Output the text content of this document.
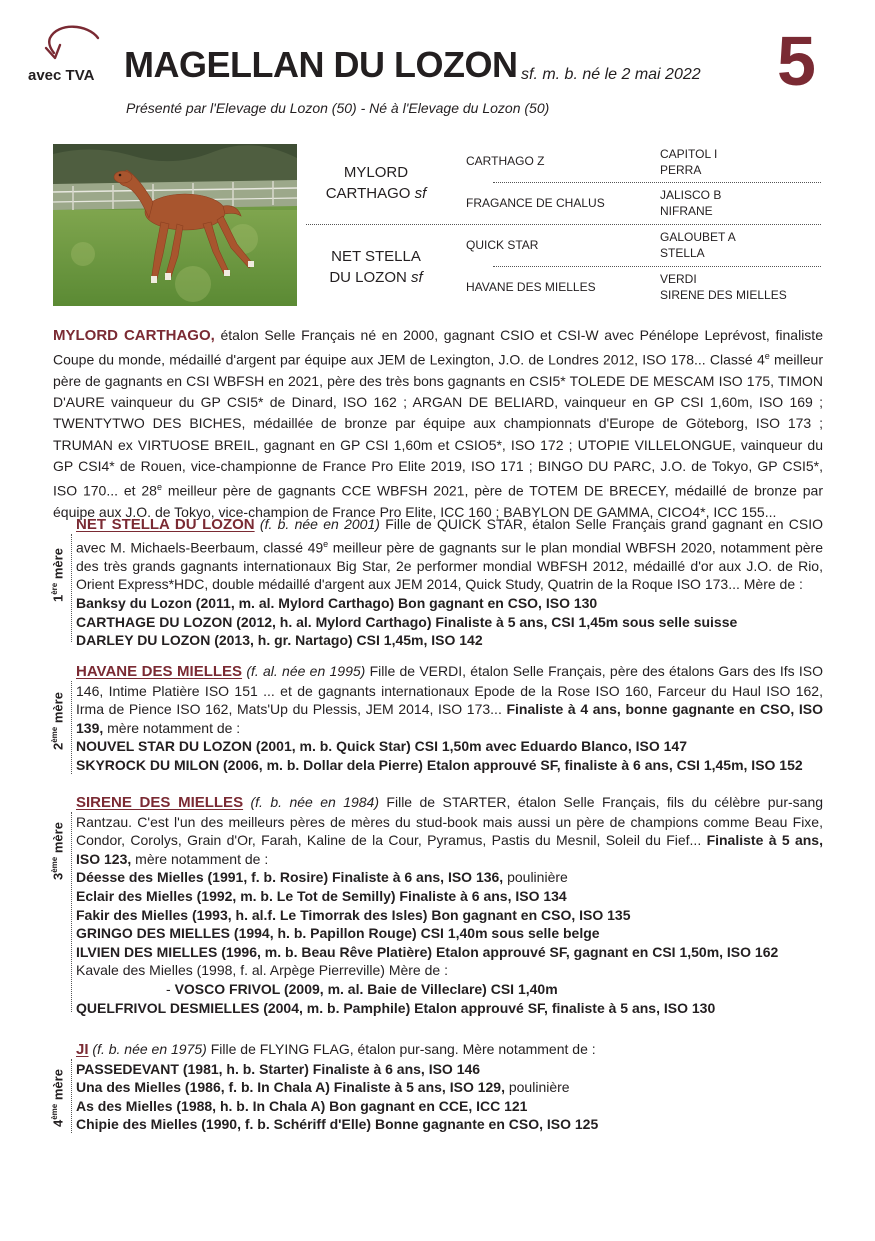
avec TVA MAGELLAN DU LOZON sf. m. b. né le 2 mai 2022 5
Présenté par l'Elevage du Lozon (50) - Né à l'Elevage du Lozon (50)
MYLORD
CARTHAGO sf
NET STELLA
DU LOZON sf
CARTHAGO Z
FRAGANCE DE CHALUS
QUICK STAR
HAVANE DES MIELLES
CAPITOL I
PERRA
JALISCO B
NIFRANE
GALOUBET A
STELLA
VERDI
SIRENE DES MIELLES
MYLORD CARTHAGO, étalon Selle Français né en 2000, gagnant CSIO et CSI-W avec Pénélope Leprévost, finaliste Coupe du monde, médaillé d'argent par équipe aux JEM de Lexington, J.O. de Londres 2012, ISO 178... Classé 4e meilleur père de gagnants en CSI WBFSH en 2021, père des très bons gagnants en CSI5* TOLEDE DE MESCAM ISO 175, TIMON D'AURE vainqueur du GP CSI5* de Dinard, ISO 162 ; ARGAN DE BELIARD, vainqueur en GP CSI 1,60m, ISO 169 ; TWENTYTWO DES BICHES, médaillée de bronze par équipe aux championnats d'Europe de Göteborg, ISO 173 ; TRUMAN ex VIRTUOSE BREIL, gagnant en GP CSI 1,60m et CSIO5*, ISO 172 ; UTOPIE VILLELONGUE, vainqueur du GP CSI4* de Rouen, vice-championne de France Pro Elite 2019, ISO 171 ; BINGO DU PARC, J.O. de Tokyo, GP CSI5*, ISO 170... et 28e meilleur père de gagnants CCE WBFSH 2021, père de TOTEM DE BRECEY, médaillé de bronze par équipe aux J.O. de Tokyo, vice-champion de France Pro Elite, ICC 160 ; BABYLON DE GAMMA, CICO4*, ICC 155...
1ère mère

NET STELLA DU LOZON (f. b. née en 2001) Fille de QUICK STAR, étalon Selle Français grand gagnant en CSIO avec M. Michaels-Beerbaum, classé 49e meilleur père de gagnants sur le plan mondial WBFSH 2020, notamment père des très grands gagnants internationaux Big Star, 2e performer mondial WBFSH 2012, médaillé d'or aux J.O. de Rio, Orient Express*HDC, double médaillé d'argent aux JEM 2014, Quick Study, Quatrin de la Roque ISO 173... Mère de :

Banksy du Lozon (2011, m. al. Mylord Carthago) Bon gagnant en CSO, ISO 130
CARTHAGE DU LOZON (2012, h. al. Mylord Carthago) Finaliste à 5 ans, CSI 1,45m sous selle suisse
DARLEY DU LOZON (2013, h. gr. Nartago) CSI 1,45m, ISO 142
2ème mère

HAVANE DES MIELLES (f. al. née en 1995) Fille de VERDI, étalon Selle Français, père des étalons Gars des Ifs ISO 146, Intime Platière ISO 151 ... et de gagnants internationaux Epode de la Rose ISO 160, Farceur du Haul ISO 162, Irma de Pience ISO 162, Mats'Up du Plessis, JEM 2014, ISO 173... Finaliste à 4 ans, bonne gagnante en CSO, ISO 139, mère notamment de :

NOUVEL STAR DU LOZON (2001, m. b. Quick Star) CSI 1,50m avec Eduardo Blanco, ISO 147
SKYROCK DU MILON (2006, m. b. Dollar dela Pierre) Etalon approuvé SF, finaliste à 6 ans, CSI 1,45m, ISO 152
3ème mère

SIRENE DES MIELLES (f. b. née en 1984) Fille de STARTER, étalon Selle Français, fils du célèbre pur-sang Rantzau. C'est l'un des meilleurs pères de mères du stud-book mais aussi un père de champions comme Beau Fixe, Condor, Corolys, Grain d'Or, Farah, Kaline de la Cour, Pyramus, Pastis du Mesnil, Soleil du Fief... Finaliste à 5 ans, ISO 123, mère notamment de :

Déesse des Mielles (1991, f. b. Rosire) Finaliste à 6 ans, ISO 136, poulinière
Eclair des Mielles (1992, m. b. Le Tot de Semilly) Finaliste à 6 ans, ISO 134
Fakir des Mielles (1993, h. al.f. Le Timorrak des Isles) Bon gagnant en CSO, ISO 135
GRINGO DES MIELLES (1994, h. b. Papillon Rouge) CSI 1,40m sous selle belge
ILVIEN DES MIELLES (1996, m. b. Beau Rêve Platière) Etalon approuvé SF, gagnant en CSI 1,50m, ISO 162
Kavale des Mielles (1998, f. al. Arpège Pierreville) Mère de :
- VOSCO FRIVOL (2009, m. al. Baie de Villeclare) CSI 1,40m
QUELFRIVOL DESMIELLES (2004, m. b. Pamphile) Etalon approuvé SF, finaliste à 5 ans, ISO 130
4ème mère

JI (f. b. née en 1975) Fille de FLYING FLAG, étalon pur-sang. Mère notamment de :

PASSEDEVANT (1981, h. b. Starter) Finaliste à 6 ans, ISO 146
Una des Mielles (1986, f. b. In Chala A) Finaliste à 5 ans, ISO 129, poulinière
As des Mielles (1988, h. b. In Chala A) Bon gagnant en CCE, ICC 121
Chipie des Mielles (1990, f. b. Schériff d'Elle) Bonne gagnante en CSO, ISO 125
